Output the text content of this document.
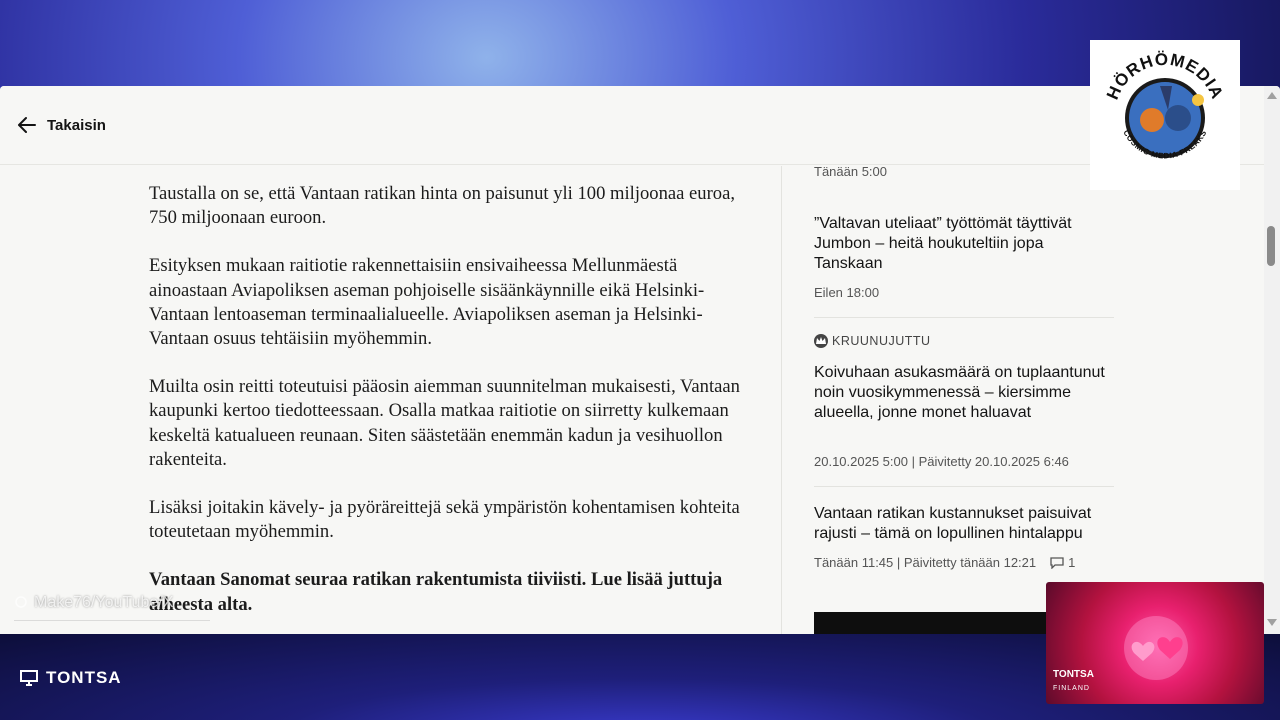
Takaisin

Taustalla on se, että Vantaan ratikan hinta on paisunut yli 100 miljoonaa euroa, 750 miljoonaan euroon.

Esityksen mukaan raitiotie rakennettaisiin ensivaiheessa Mellunmäestä ainoastaan Aviapoliksen aseman pohjoiselle sisäänkäynnille eikä Helsinki-Vantaan lentoaseman terminaalialueelle. Aviapoliksen aseman ja Helsinki-Vantaan osuus tehtäisiin myöhemmin.

Muilta osin reitti toteutuisi pääosin aiemman suunnitelman mukaisesti, Vantaan kaupunki kertoo tiedotteessaan. Osalla matkaa raitiotie on siirretty kulkemaan keskeltä katualueen reunaan. Siten säästetään enemmän kadun ja vesihuollon rakenteita.

Lisäksi joitakin kävely- ja pyöräreittejä sekä ympäristön kohentamisen kohteita toteutetaan myöhemmin.

Vantaan Sanomat seuraa ratikan rakentumista tiiviisti. Lue lisää juttuja aiheesta alta.

Tänään 5:00
”Valtavan uteliaat” työttömät täyttivät Jumbon – heitä houkuteltiin jopa Tanskaan
Eilen 18:00
KRUUNUJUTTU
Koivuhaan asukasmäärä on tuplaantunut noin vuosikymmenessä – kiersimme alueella, jonne monet haluavat
20.10.2025 5:00 | Päivitetty 20.10.2025 6:46
Vantaan ratikan kustannukset paisuivat rajusti – tämä on lopullinen hintalappu
Tänään 11:45 | Päivitetty tänään 12:21 1
HÖRHÖMEDIA
COSMIC MEDIA FREAKS
Make76/YouTube/X
TONTSA	TONTSA
FINLAND
